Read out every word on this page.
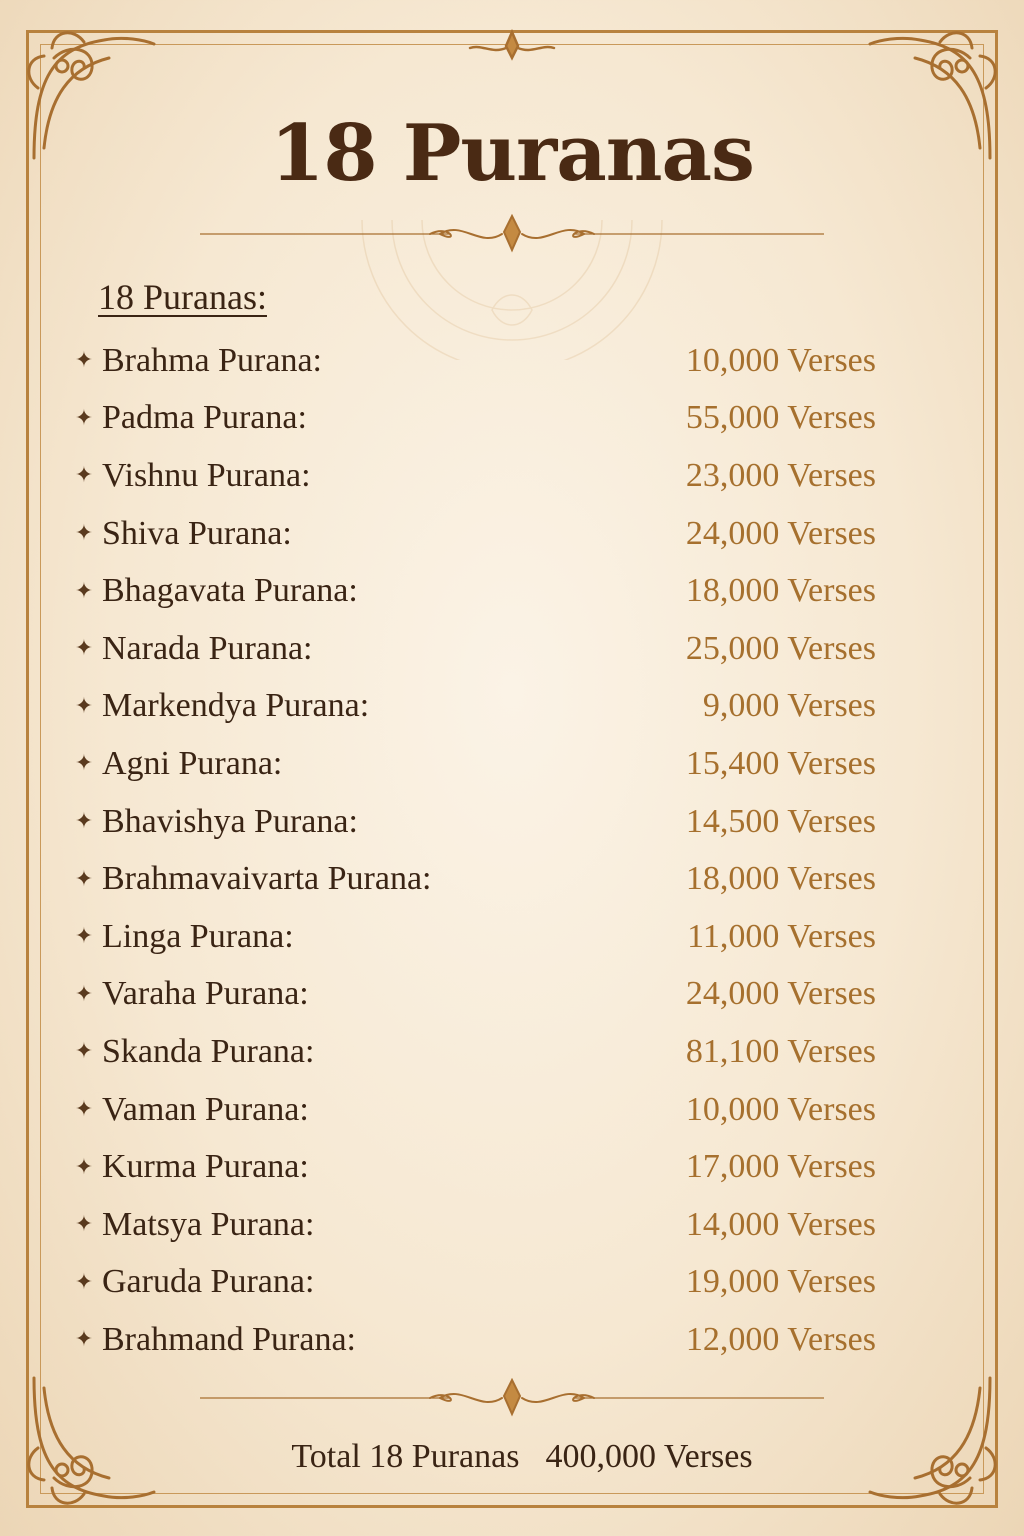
18 Puranas
18 Puranas:
✦ Brahma Purana:	10,000 Verses
✦ Padma Purana:	55,000 Verses
✦ Vishnu Purana:	23,000 Verses
✦ Shiva Purana:	24,000 Verses
✦ Bhagavata Purana:	18,000 Verses
✦ Narada Purana:	25,000 Verses
✦ Markendya Purana:	9,000 Verses
✦ Agni Purana:	15,400 Verses
✦ Bhavishya Purana:	14,500 Verses
✦ Brahmavaivarta Purana:	18,000 Verses
✦ Linga Purana:	11,000 Verses
✦ Varaha Purana:	24,000 Verses
✦ Skanda Purana:	81,100 Verses
✦ Vaman Purana:	10,000 Verses
✦ Kurma Purana:	17,000 Verses
✦ Matsya Purana:	14,000 Verses
✦ Garuda Purana:	19,000 Verses
✦ Brahmand Purana:	12,000 Verses
Total 18 Puranas 400,000 Verses
